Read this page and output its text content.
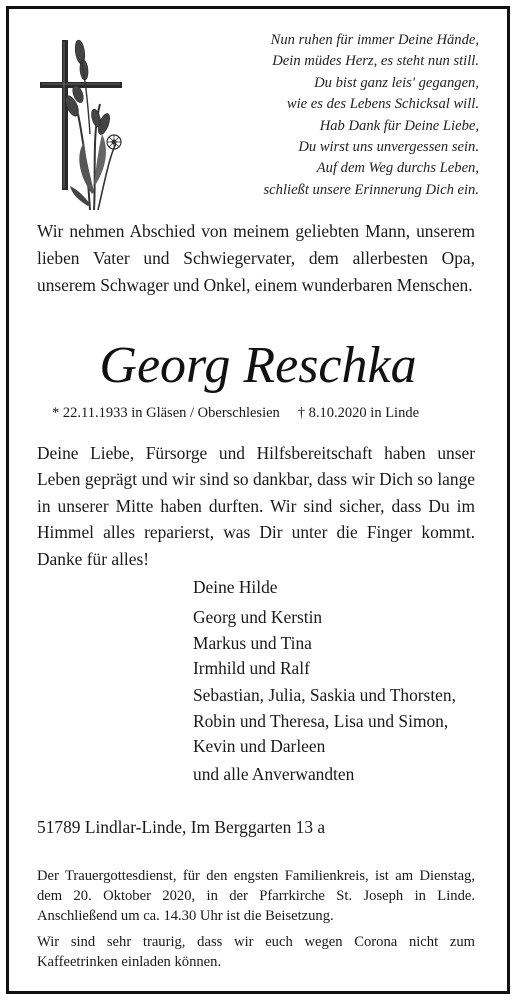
Nun ruhen für immer Deine Hände,
Dein müdes Herz, es steht nun still.
Du bist ganz leis' gegangen,
wie es des Lebens Schicksal will.
Hab Dank für Deine Liebe,
Du wirst uns unvergessen sein.
Auf dem Weg durchs Leben,
schließt unsere Erinnerung Dich ein.
Wir nehmen Abschied von meinem geliebten Mann, unserem lieben Vater und Schwiegervater, dem allerbesten Opa, unserem Schwager und Onkel, einem wunderbaren Menschen.
Georg Reschka
* 22.11.1933 in Gläsen / Oberschlesien † 8.10.2020 in Linde
Deine Liebe, Fürsorge und Hilfsbereitschaft haben unser Leben geprägt und wir sind so dankbar, dass wir Dich so lange in unserer Mitte haben durften. Wir sind sicher, dass Du im Himmel alles reparierst, was Dir unter die Finger kommt. Danke für alles!
Deine Hilde
Georg und Kerstin
Markus und Tina
Irmhild und Ralf
Sebastian, Julia, Saskia und Thorsten,
Robin und Theresa, Lisa und Simon,
Kevin und Darleen
und alle Anverwandten
51789 Lindlar-Linde, Im Berggarten 13 a
Der Trauergottesdienst, für den engsten Familienkreis, ist am Dienstag, dem 20. Oktober 2020, in der Pfarrkirche St. Joseph in Linde. Anschließend um ca. 14.30 Uhr ist die Beisetzung.
Wir sind sehr traurig, dass wir euch wegen Corona nicht zum Kaffeetrinken einladen können.
